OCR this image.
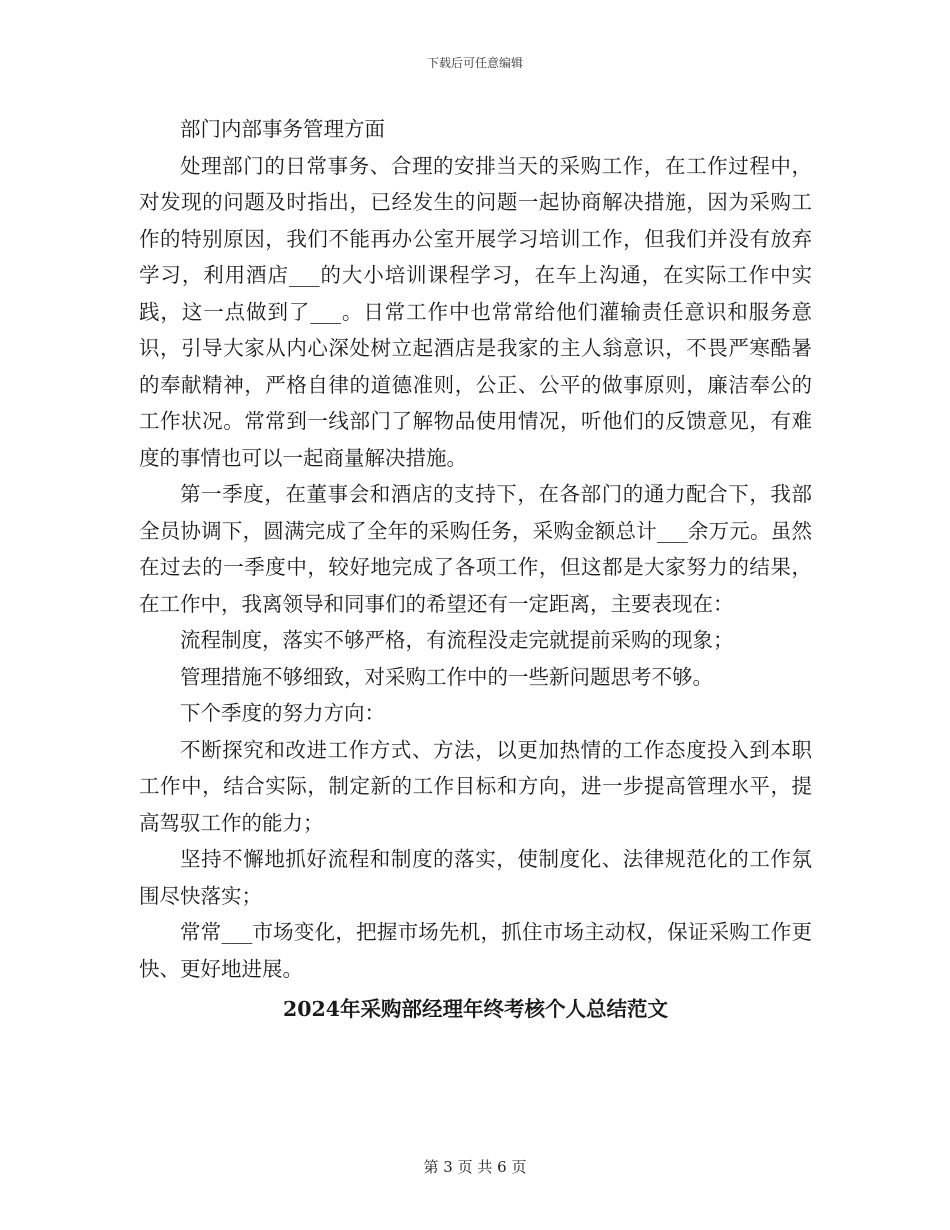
下载后可任意编辑

部门内部事务管理方面

处理部门的日常事务、合理的安排当天的采购工作，在工作过程中，对发现的问题及时指出，已经发生的问题一起协商解决措施，因为采购工作的特别原因，我们不能再办公室开展学习培训工作，但我们并没有放弃学习，利用酒店___的大小培训课程学习，在车上沟通，在实际工作中实践，这一点做到了___。日常工作中也常常给他们灌输责任意识和服务意识，引导大家从内心深处树立起酒店是我家的主人翁意识，不畏严寒酷暑的奉献精神，严格自律的道德准则，公正、公平的做事原则，廉洁奉公的工作状况。常常到一线部门了解物品使用情况，听他们的反馈意见，有难度的事情也可以一起商量解决措施。

第一季度，在董事会和酒店的支持下，在各部门的通力配合下，我部全员协调下，圆满完成了全年的采购任务，采购金额总计___余万元。虽然在过去的一季度中，较好地完成了各项工作，但这都是大家努力的结果，在工作中，我离领导和同事们的希望还有一定距离，主要表现在：

流程制度，落实不够严格，有流程没走完就提前采购的现象；

管理措施不够细致，对采购工作中的一些新问题思考不够。

下个季度的努力方向：

不断探究和改进工作方式、方法，以更加热情的工作态度投入到本职工作中，结合实际，制定新的工作目标和方向，进一步提高管理水平，提高驾驭工作的能力；

坚持不懈地抓好流程和制度的落实，使制度化、法律规范化的工作氛围尽快落实；

常常___市场变化，把握市场先机，抓住市场主动权，保证采购工作更快、更好地进展。

2024年采购部经理年终考核个人总结范文

第 3 页 共 6 页
